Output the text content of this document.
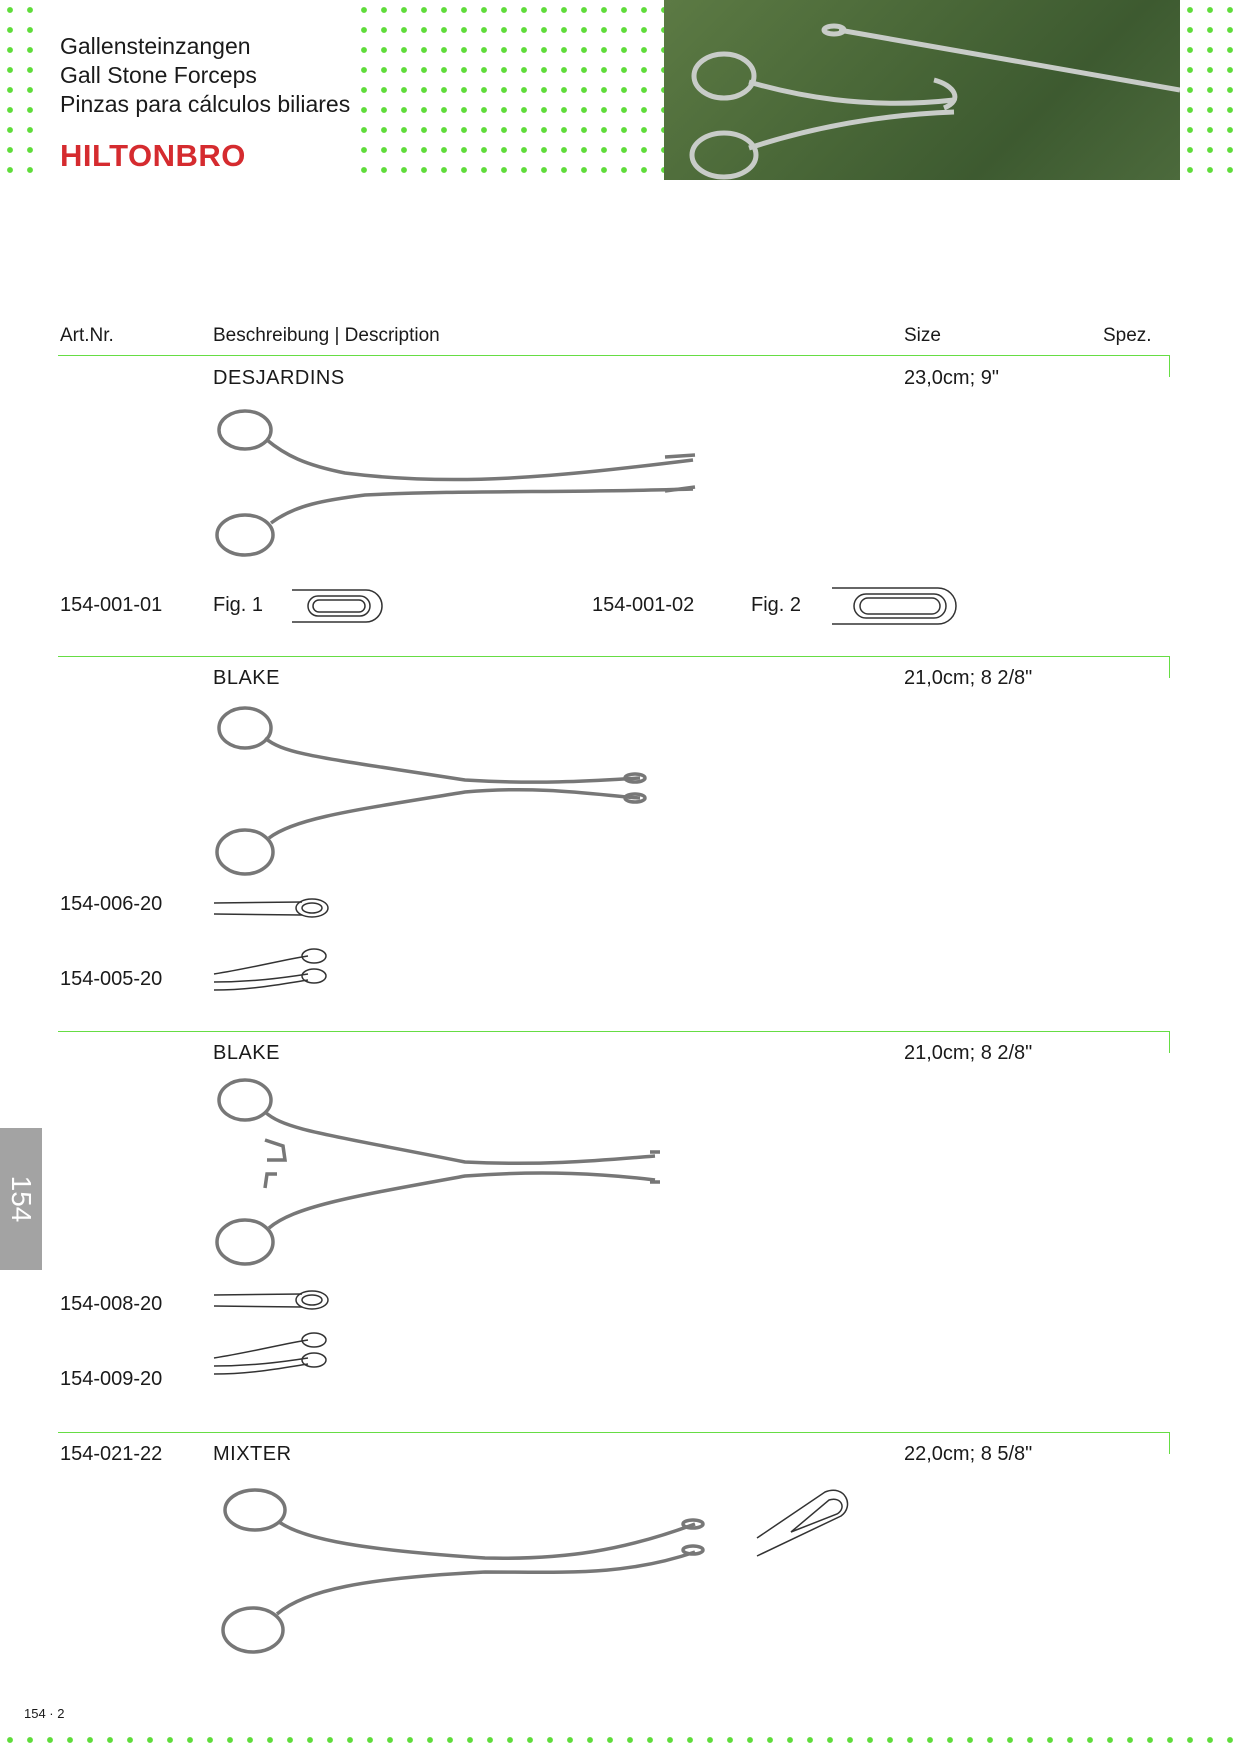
Gallensteinzangen
Gall Stone Forceps
Pinzas para cálculos biliares
HILTONBRO
Art.Nr.	Beschreibung | Description	Size	Spez.
DESJARDINS	23,0cm; 9"
154-001-01	Fig. 1	154-001-02	Fig. 2
BLAKE	21,0cm; 8 2/8"
154-006-20
154-005-20
BLAKE	21,0cm; 8 2/8"
154
154-008-20
154-009-20
154-021-22	MIXTER	22,0cm; 8 5/8"
154 · 2
